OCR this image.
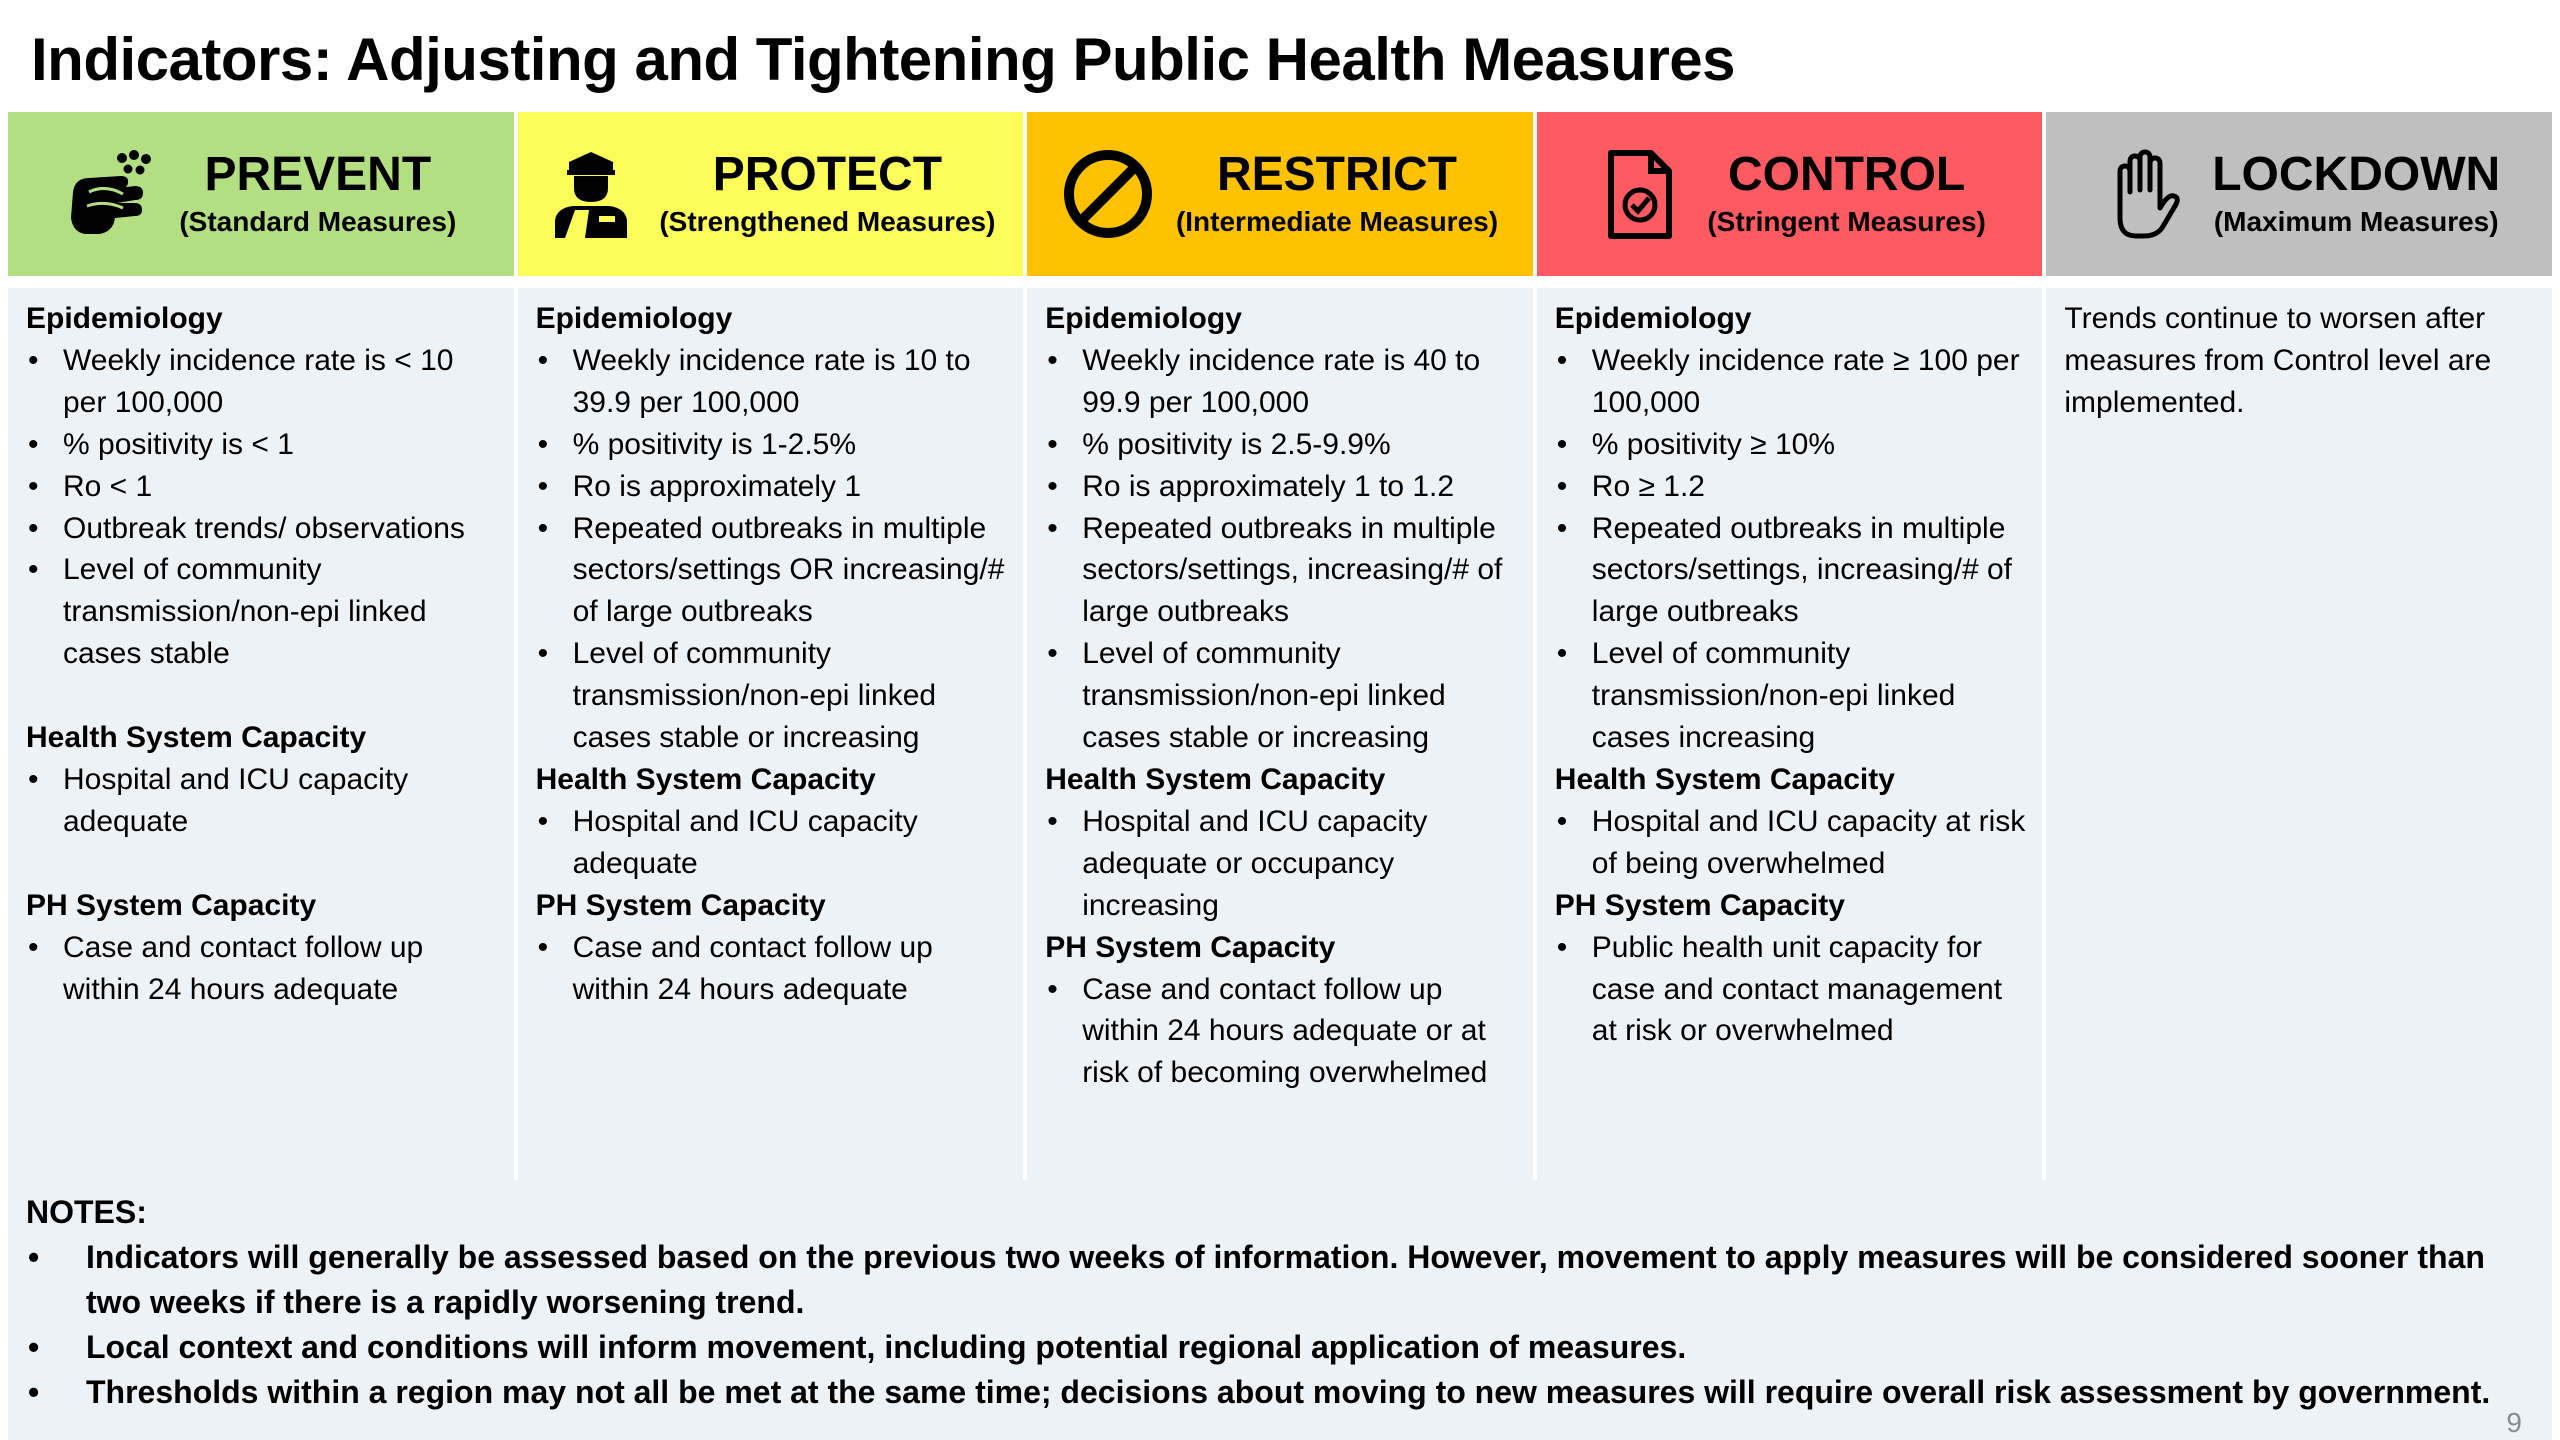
Indicators: Adjusting and Tightening Public Health Measures
PREVENT
(Standard Measures)
PROTECT
(Strengthened Measures)
RESTRICT
(Intermediate Measures)
CONTROL
(Stringent Measures)
LOCKDOWN
(Maximum Measures)
Epidemiology
• Weekly incidence rate is < 10 per 100,000
• % positivity is < 1
• Ro < 1
• Outbreak trends/ observations
• Level of community transmission/non-epi linked cases stable
Health System Capacity
• Hospital and ICU capacity adequate
PH System Capacity
• Case and contact follow up within 24 hours adequate
Epidemiology
• Weekly incidence rate is 10 to 39.9 per 100,000
• % positivity is 1-2.5%
• Ro is approximately 1
• Repeated outbreaks in multiple sectors/settings OR increasing/# of large outbreaks
• Level of community transmission/non-epi linked cases stable or increasing
Health System Capacity
• Hospital and ICU capacity adequate
PH System Capacity
• Case and contact follow up within 24 hours adequate
Epidemiology
• Weekly incidence rate is 40 to 99.9 per 100,000
• % positivity is 2.5-9.9%
• Ro is approximately 1 to 1.2
• Repeated outbreaks in multiple sectors/settings, increasing/# of large outbreaks
• Level of community transmission/non-epi linked cases stable or increasing
Health System Capacity
• Hospital and ICU capacity adequate or occupancy increasing
PH System Capacity
• Case and contact follow up within 24 hours adequate or at risk of becoming overwhelmed
Epidemiology
• Weekly incidence rate ≥ 100 per 100,000
• % positivity ≥ 10%
• Ro ≥ 1.2
• Repeated outbreaks in multiple sectors/settings, increasing/# of large outbreaks
• Level of community transmission/non-epi linked cases increasing
Health System Capacity
• Hospital and ICU capacity at risk of being overwhelmed
PH System Capacity
• Public health unit capacity for case and contact management at risk or overwhelmed
Trends continue to worsen after measures from Control level are implemented.
NOTES:
• Indicators will generally be assessed based on the previous two weeks of information. However, movement to apply measures will be considered sooner than two weeks if there is a rapidly worsening trend.
• Local context and conditions will inform movement, including potential regional application of measures.
• Thresholds within a region may not all be met at the same time; decisions about moving to new measures will require overall risk assessment by government.
9
